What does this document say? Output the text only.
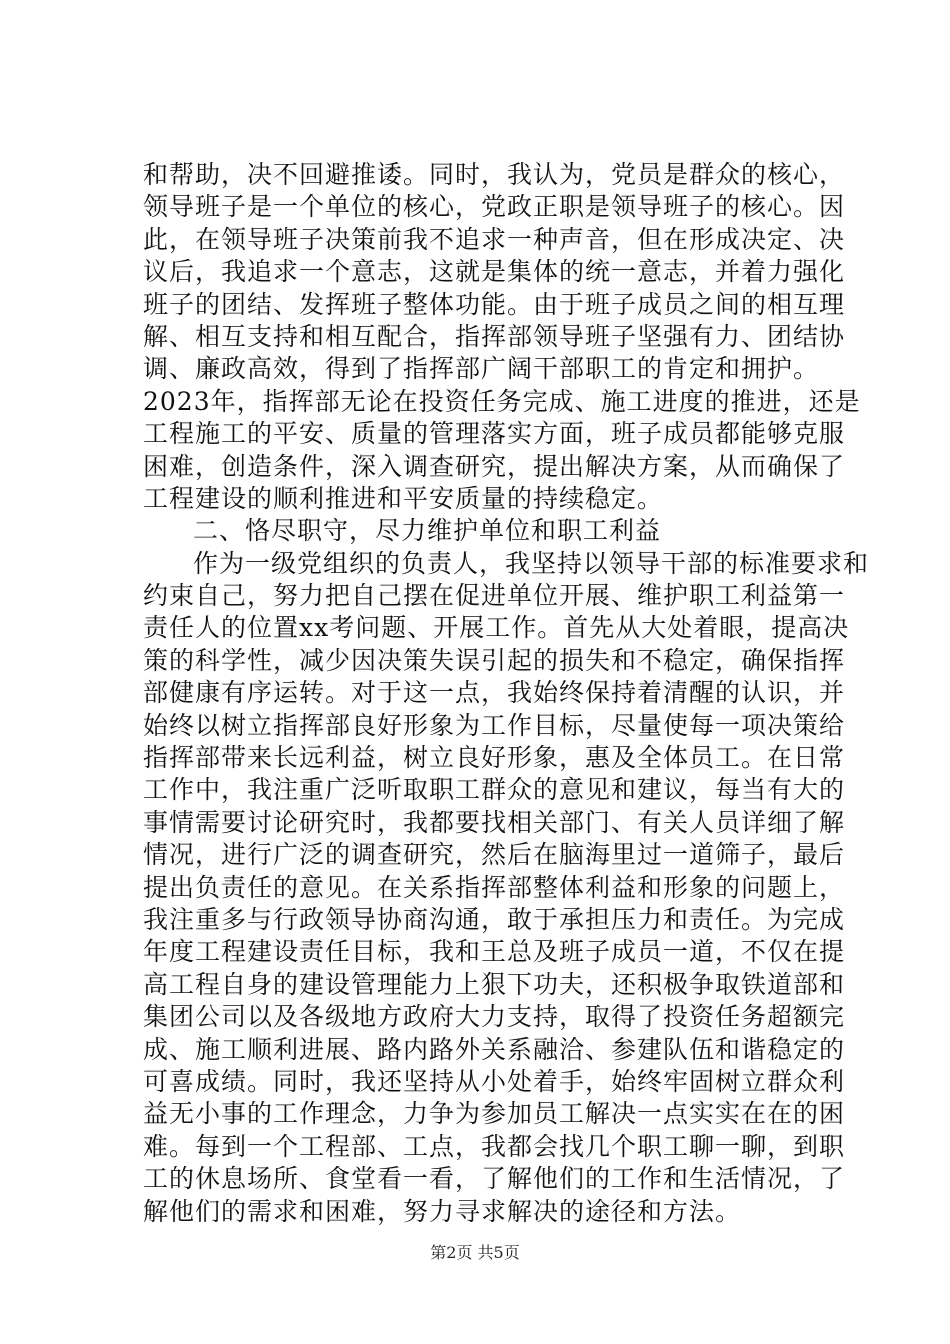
和帮助，决不回避推诿。同时，我认为，党员是群众的核心，
领导班子是一个单位的核心，党政正职是领导班子的核心。因
此，在领导班子决策前我不追求一种声音，但在形成决定、决
议后，我追求一个意志，这就是集体的统一意志，并着力强化
班子的团结、发挥班子整体功能。由于班子成员之间的相互理
解、相互支持和相互配合，指挥部领导班子坚强有力、团结协
调、廉政高效，得到了指挥部广阔干部职工的肯定和拥护。
2023年，指挥部无论在投资任务完成、施工进度的推进，还是
工程施工的平安、质量的管理落实方面，班子成员都能够克服
困难，创造条件，深入调查研究，提出解决方案，从而确保了
工程建设的顺利推进和平安质量的持续稳定。
二、恪尽职守，尽力维护单位和职工利益
作为一级党组织的负责人，我坚持以领导干部的标准要求和
约束自己，努力把自己摆在促进单位开展、维护职工利益第一
责任人的位置xx考问题、开展工作。首先从大处着眼，提高决
策的科学性，减少因决策失误引起的损失和不稳定，确保指挥
部健康有序运转。对于这一点，我始终保持着清醒的认识，并
始终以树立指挥部良好形象为工作目标，尽量使每一项决策给
指挥部带来长远利益，树立良好形象，惠及全体员工。在日常
工作中，我注重广泛听取职工群众的意见和建议，每当有大的
事情需要讨论研究时，我都要找相关部门、有关人员详细了解
情况，进行广泛的调查研究，然后在脑海里过一道筛子，最后
提出负责任的意见。在关系指挥部整体利益和形象的问题上，
我注重多与行政领导协商沟通，敢于承担压力和责任。为完成
年度工程建设责任目标，我和王总及班子成员一道，不仅在提
高工程自身的建设管理能力上狠下功夫，还积极争取铁道部和
集团公司以及各级地方政府大力支持，取得了投资任务超额完
成、施工顺利进展、路内路外关系融洽、参建队伍和谐稳定的
可喜成绩。同时，我还坚持从小处着手，始终牢固树立群众利
益无小事的工作理念，力争为参加员工解决一点实实在在的困
难。每到一个工程部、工点，我都会找几个职工聊一聊，到职
工的休息场所、食堂看一看，了解他们的工作和生活情况，了
解他们的需求和困难，努力寻求解决的途径和方法。
第2页 共5页
